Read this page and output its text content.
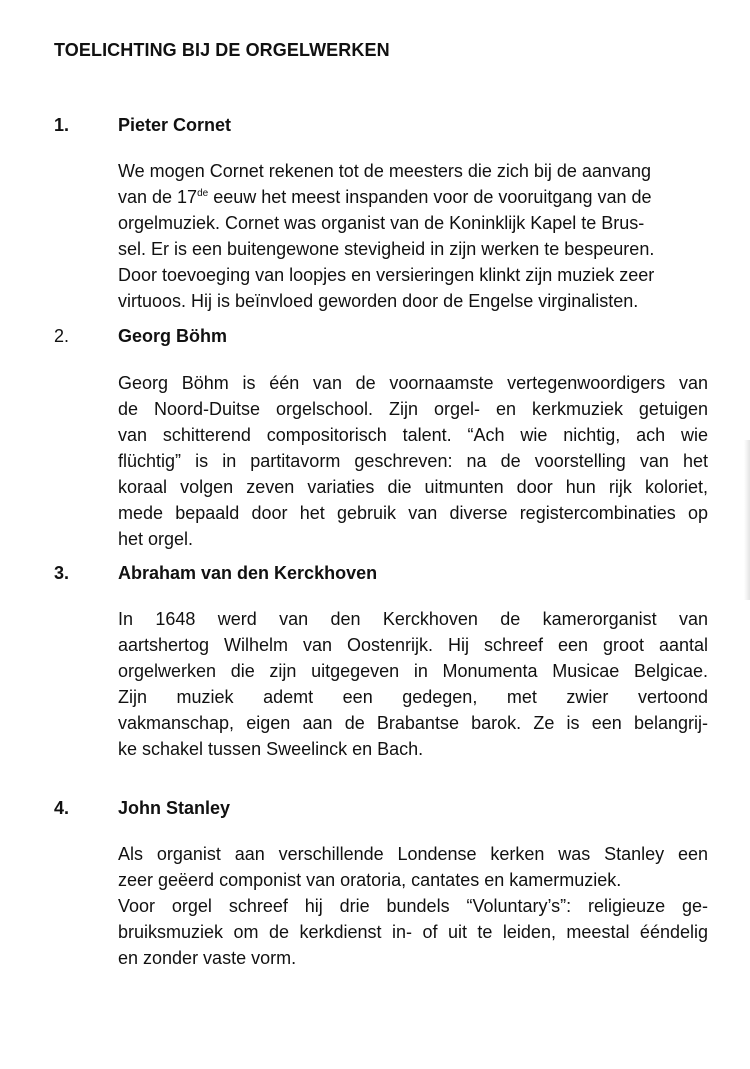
TOELICHTING BIJ DE ORGELWERKEN
1.	Pieter Cornet
We mogen Cornet rekenen tot de meesters die zich bij de aanvang
van de 17de eeuw het meest inspanden voor de vooruitgang van de
orgelmuziek. Cornet was organist van de Koninklijk Kapel te Brus-
sel. Er is een buitengewone stevigheid in zijn werken te bespeuren.
Door toevoeging van loopjes en versieringen klinkt zijn muziek zeer
virtuoos. Hij is beïnvloed geworden door de Engelse virginalisten.
2.	Georg Böhm
Georg Böhm is één van de voornaamste vertegenwoordigers van
de Noord-Duitse orgelschool. Zijn orgel- en kerkmuziek getuigen
van schitterend compositorisch talent. “Ach wie nichtig, ach wie
flüchtig” is in partitavorm geschreven: na de voorstelling van het
koraal volgen zeven variaties die uitmunten door hun rijk koloriet,
mede bepaald door het gebruik van diverse registercombinaties op
het orgel.
3.	Abraham van den Kerckhoven
In 1648 werd van den Kerckhoven de kamerorganist van
aartshertog Wilhelm van Oostenrijk. Hij schreef een groot aantal
orgelwerken die zijn uitgegeven in Monumenta Musicae Belgicae.
Zijn muziek ademt een gedegen, met zwier vertoond
vakmanschap, eigen aan de Brabantse barok. Ze is een belangrij-
ke schakel tussen Sweelinck en Bach.
4.	John Stanley
Als organist aan verschillende Londense kerken was Stanley een
zeer geëerd componist van oratoria, cantates en kamermuziek.
Voor orgel schreef hij drie bundels “Voluntary’s”: religieuze ge-
bruiksmuziek om de kerkdienst in- of uit te leiden, meestal ééndelig
en zonder vaste vorm.
